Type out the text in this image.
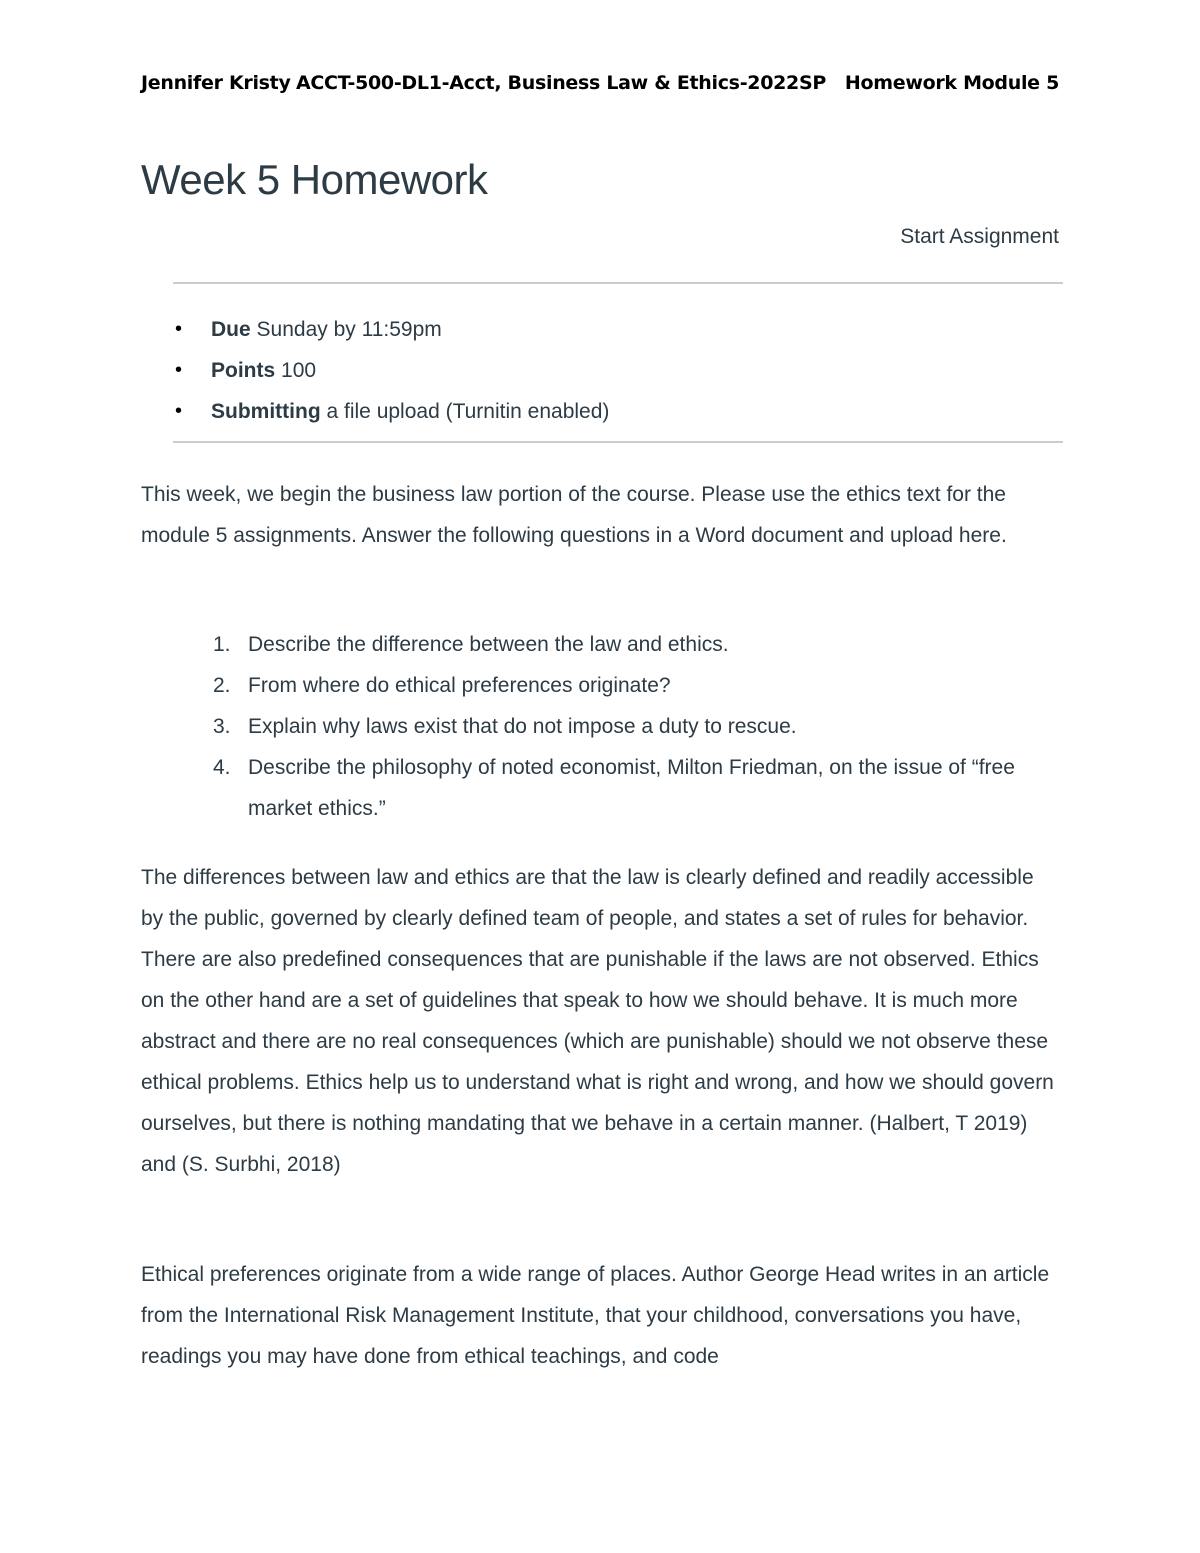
Jennifer Kristy ACCT-500-DL1-Acct, Business Law & Ethics-2022SP   Homework Module 5
Week 5 Homework
Start Assignment
• Due Sunday by 11:59pm
• Points 100
• Submitting a file upload (Turnitin enabled)

This week, we begin the business law portion of the course. Please use the ethics text for the module 5 assignments. Answer the following questions in a Word document and upload here.

1. Describe the difference between the law and ethics.
2. From where do ethical preferences originate?
3. Explain why laws exist that do not impose a duty to rescue.
4. Describe the philosophy of noted economist, Milton Friedman, on the issue of “free market ethics.”

The differences between law and ethics are that the law is clearly defined and readily accessible by the public, governed by clearly defined team of people, and states a set of rules for behavior. There are also predefined consequences that are punishable if the laws are not observed. Ethics on the other hand are a set of guidelines that speak to how we should behave. It is much more abstract and there are no real consequences (which are punishable) should we not observe these ethical problems. Ethics help us to understand what is right and wrong, and how we should govern ourselves, but there is nothing mandating that we behave in a certain manner. (Halbert, T 2019) and (S. Surbhi, 2018)

Ethical preferences originate from a wide range of places. Author George Head writes in an article from the International Risk Management Institute, that your childhood, conversations you have, readings you may have done from ethical teachings, and code
